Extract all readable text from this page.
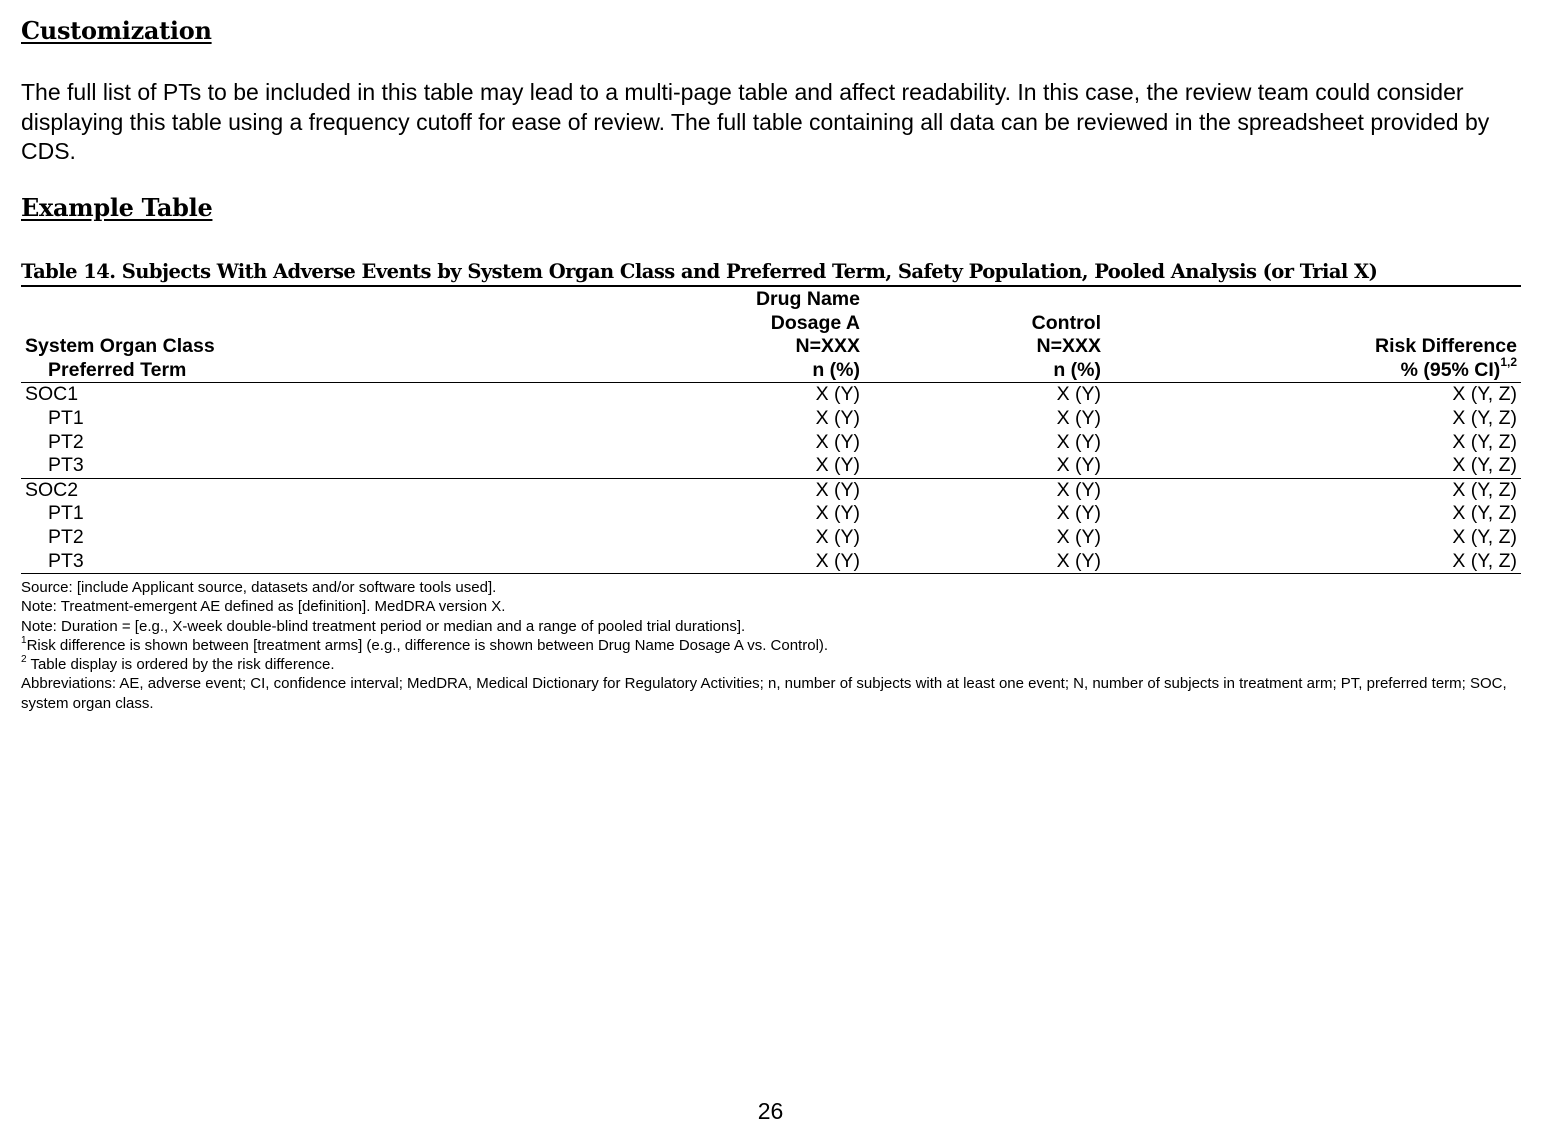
Customization

The full list of PTs to be included in this table may lead to a multi-page table and affect readability. In this case, the review team could consider displaying this table using a frequency cutoff for ease of review. The full table containing all data can be reviewed in the spreadsheet provided by CDS.

Example Table
Table 14. Subjects With Adverse Events by System Organ Class and Preferred Term, Safety Population, Pooled Analysis (or Trial X)
	Drug Name		
	Dosage A	Control	
System Organ Class	N=XXX	N=XXX	Risk Difference
Preferred Term	n (%)	n (%)	% (95% CI)$^{1,2}$
SOC1	X (Y)	X (Y)	X (Y, Z)
PT1	X (Y)	X (Y)	X (Y, Z)
PT2	X (Y)	X (Y)	X (Y, Z)
PT3	X (Y)	X (Y)	X (Y, Z)
SOC2	X (Y)	X (Y)	X (Y, Z)
PT1	X (Y)	X (Y)	X (Y, Z)
PT2	X (Y)	X (Y)	X (Y, Z)
PT3	X (Y)	X (Y)	X (Y, Z)
Source: [include Applicant source, datasets and/or software tools used].
Note: Treatment-emergent AE defined as [definition]. MedDRA version X.
Note: Duration = [e.g., X-week double-blind treatment period or median and a range of pooled trial durations].
$^1$Risk difference is shown between [treatment arms] (e.g., difference is shown between Drug Name Dosage A vs. Control).
$^2$ Table display is ordered by the risk difference.
Abbreviations: AE, adverse event; CI, confidence interval; MedDRA, Medical Dictionary for Regulatory Activities; n, number of subjects with at least one event; N, number of subjects in treatment arm; PT, preferred term; SOC, system organ class.
26
